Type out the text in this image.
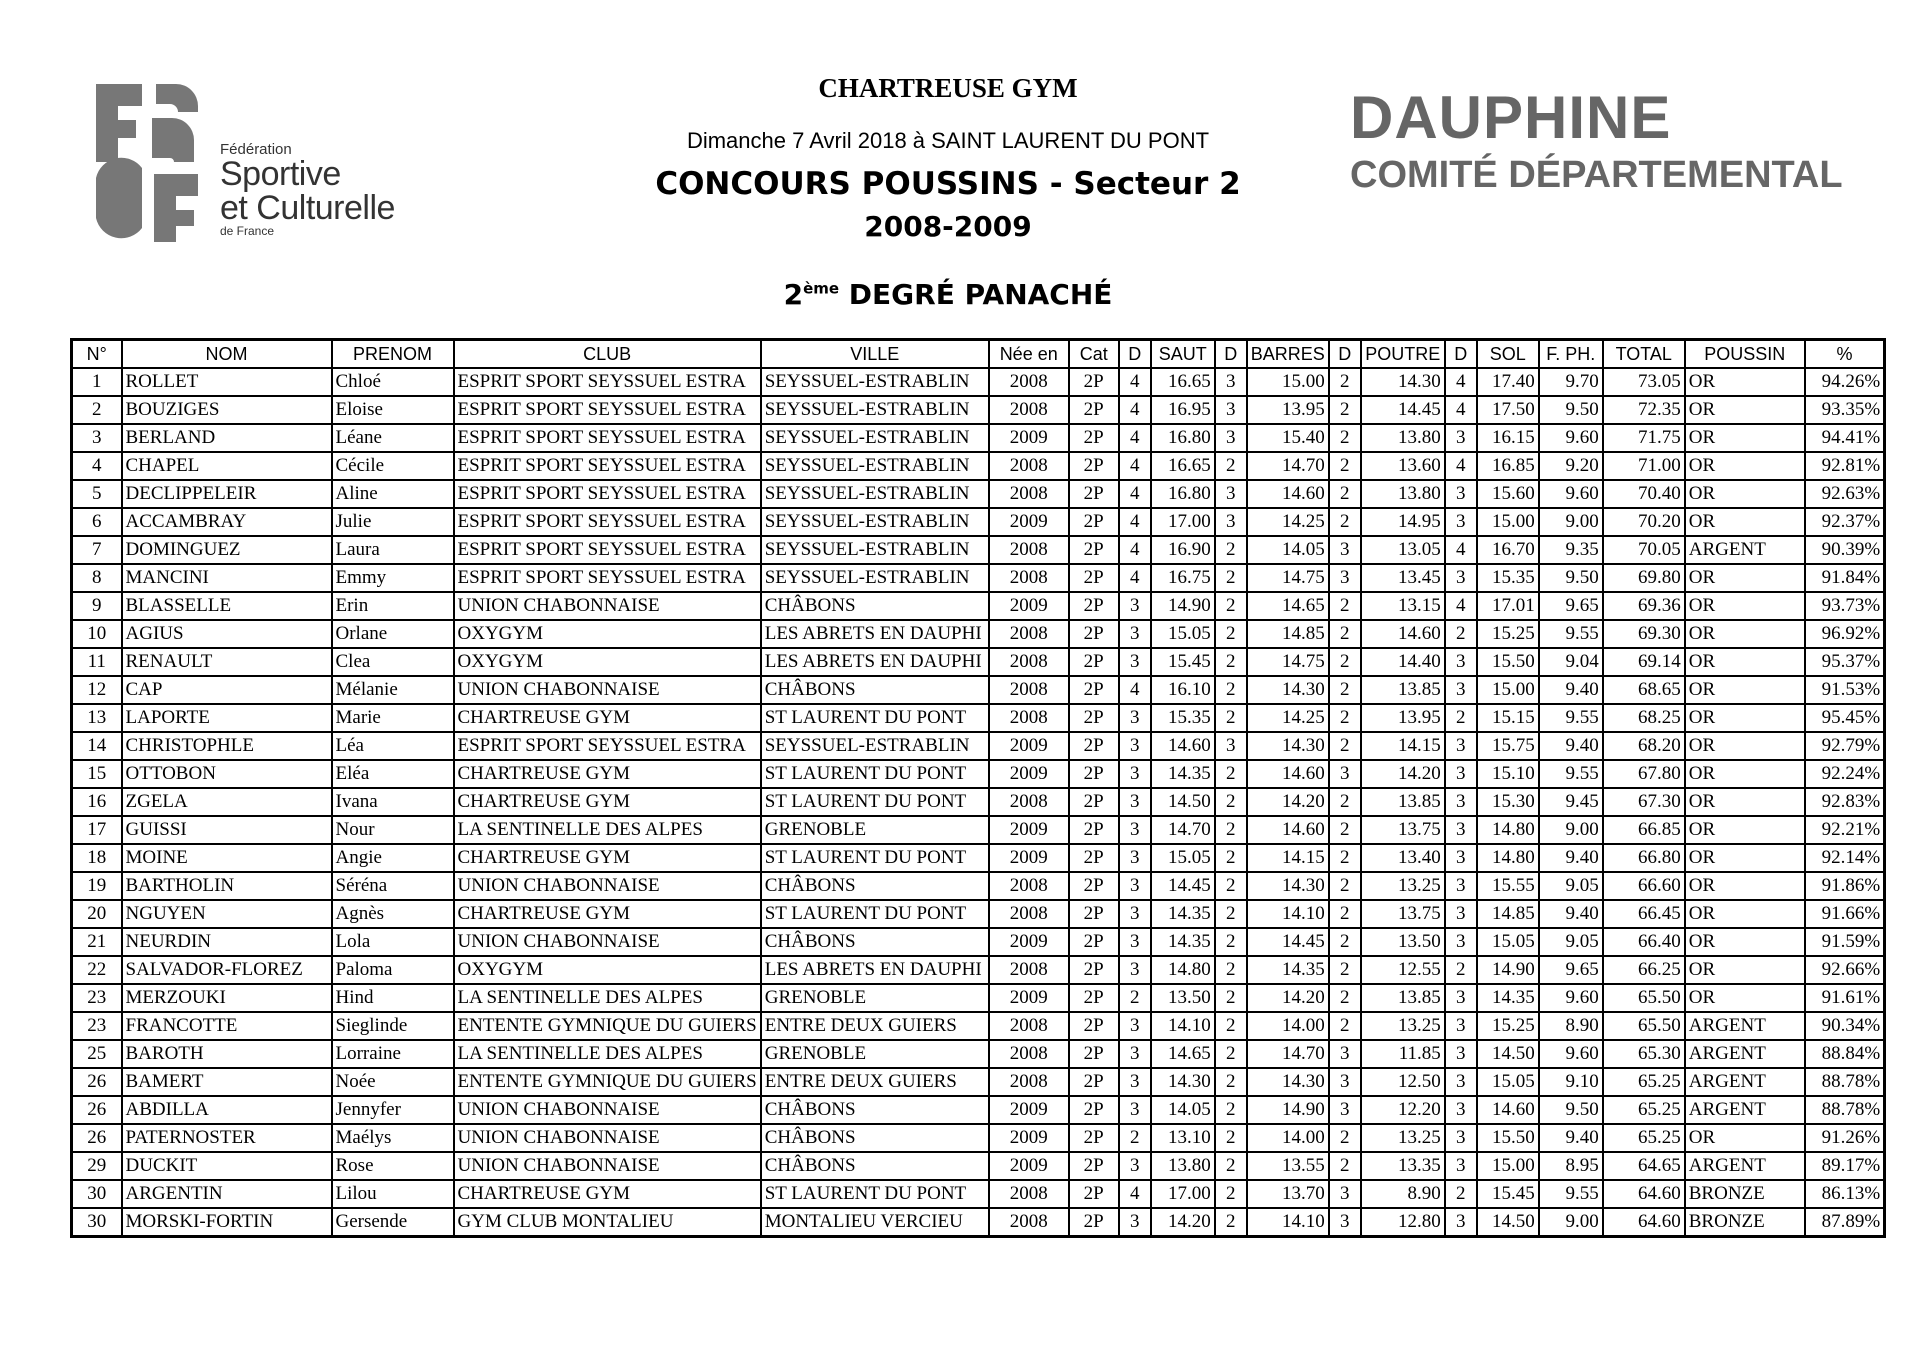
Fédération
Sportive
et Culturelle
de France
CHARTREUSE GYM
Dimanche 7 Avril 2018 à SAINT LAURENT DU PONT
CONCOURS POUSSINS - Secteur 2
2008-2009
2ème DEGRÉ PANACHÉ
DAUPHINE
COMITÉ DÉPARTEMENTAL
N°	NOM	PRENOM	CLUB	VILLE	Née en	Cat	D	SAUT	D	BARRES	D	POUTRE	D	SOL	F. PH.	TOTAL	POUSSIN	%
1	ROLLET	Chloé	ESPRIT SPORT SEYSSUEL ESTRA	SEYSSUEL-ESTRABLIN	2008	2P	4	16.65	3	15.00	2	14.30	4	17.40	9.70	73.05	OR	94.26%
2	BOUZIGES	Eloise	ESPRIT SPORT SEYSSUEL ESTRA	SEYSSUEL-ESTRABLIN	2008	2P	4	16.95	3	13.95	2	14.45	4	17.50	9.50	72.35	OR	93.35%
3	BERLAND	Léane	ESPRIT SPORT SEYSSUEL ESTRA	SEYSSUEL-ESTRABLIN	2009	2P	4	16.80	3	15.40	2	13.80	3	16.15	9.60	71.75	OR	94.41%
4	CHAPEL	Cécile	ESPRIT SPORT SEYSSUEL ESTRA	SEYSSUEL-ESTRABLIN	2008	2P	4	16.65	2	14.70	2	13.60	4	16.85	9.20	71.00	OR	92.81%
5	DECLIPPELEIR	Aline	ESPRIT SPORT SEYSSUEL ESTRA	SEYSSUEL-ESTRABLIN	2008	2P	4	16.80	3	14.60	2	13.80	3	15.60	9.60	70.40	OR	92.63%
6	ACCAMBRAY	Julie	ESPRIT SPORT SEYSSUEL ESTRA	SEYSSUEL-ESTRABLIN	2009	2P	4	17.00	3	14.25	2	14.95	3	15.00	9.00	70.20	OR	92.37%
7	DOMINGUEZ	Laura	ESPRIT SPORT SEYSSUEL ESTRA	SEYSSUEL-ESTRABLIN	2008	2P	4	16.90	2	14.05	3	13.05	4	16.70	9.35	70.05	ARGENT	90.39%
8	MANCINI	Emmy	ESPRIT SPORT SEYSSUEL ESTRA	SEYSSUEL-ESTRABLIN	2008	2P	4	16.75	2	14.75	3	13.45	3	15.35	9.50	69.80	OR	91.84%
9	BLASSELLE	Erin	UNION CHABONNAISE	CHÂBONS	2009	2P	3	14.90	2	14.65	2	13.15	4	17.01	9.65	69.36	OR	93.73%
10	AGIUS	Orlane	OXYGYM	LES ABRETS EN DAUPHI	2008	2P	3	15.05	2	14.85	2	14.60	2	15.25	9.55	69.30	OR	96.92%
11	RENAULT	Clea	OXYGYM	LES ABRETS EN DAUPHI	2008	2P	3	15.45	2	14.75	2	14.40	3	15.50	9.04	69.14	OR	95.37%
12	CAP	Mélanie	UNION CHABONNAISE	CHÂBONS	2008	2P	4	16.10	2	14.30	2	13.85	3	15.00	9.40	68.65	OR	91.53%
13	LAPORTE	Marie	CHARTREUSE GYM	ST LAURENT DU PONT	2008	2P	3	15.35	2	14.25	2	13.95	2	15.15	9.55	68.25	OR	95.45%
14	CHRISTOPHLE	Léa	ESPRIT SPORT SEYSSUEL ESTRA	SEYSSUEL-ESTRABLIN	2009	2P	3	14.60	3	14.30	2	14.15	3	15.75	9.40	68.20	OR	92.79%
15	OTTOBON	Eléa	CHARTREUSE GYM	ST LAURENT DU PONT	2009	2P	3	14.35	2	14.60	3	14.20	3	15.10	9.55	67.80	OR	92.24%
16	ZGELA	Ivana	CHARTREUSE GYM	ST LAURENT DU PONT	2008	2P	3	14.50	2	14.20	2	13.85	3	15.30	9.45	67.30	OR	92.83%
17	GUISSI	Nour	LA SENTINELLE DES ALPES	GRENOBLE	2009	2P	3	14.70	2	14.60	2	13.75	3	14.80	9.00	66.85	OR	92.21%
18	MOINE	Angie	CHARTREUSE GYM	ST LAURENT DU PONT	2009	2P	3	15.05	2	14.15	2	13.40	3	14.80	9.40	66.80	OR	92.14%
19	BARTHOLIN	Séréna	UNION CHABONNAISE	CHÂBONS	2008	2P	3	14.45	2	14.30	2	13.25	3	15.55	9.05	66.60	OR	91.86%
20	NGUYEN	Agnès	CHARTREUSE GYM	ST LAURENT DU PONT	2008	2P	3	14.35	2	14.10	2	13.75	3	14.85	9.40	66.45	OR	91.66%
21	NEURDIN	Lola	UNION CHABONNAISE	CHÂBONS	2009	2P	3	14.35	2	14.45	2	13.50	3	15.05	9.05	66.40	OR	91.59%
22	SALVADOR-FLOREZ	Paloma	OXYGYM	LES ABRETS EN DAUPHI	2008	2P	3	14.80	2	14.35	2	12.55	2	14.90	9.65	66.25	OR	92.66%
23	MERZOUKI	Hind	LA SENTINELLE DES ALPES	GRENOBLE	2009	2P	2	13.50	2	14.20	2	13.85	3	14.35	9.60	65.50	OR	91.61%
23	FRANCOTTE	Sieglinde	ENTENTE GYMNIQUE DU GUIERS	ENTRE DEUX GUIERS	2008	2P	3	14.10	2	14.00	2	13.25	3	15.25	8.90	65.50	ARGENT	90.34%
25	BAROTH	Lorraine	LA SENTINELLE DES ALPES	GRENOBLE	2008	2P	3	14.65	2	14.70	3	11.85	3	14.50	9.60	65.30	ARGENT	88.84%
26	BAMERT	Noée	ENTENTE GYMNIQUE DU GUIERS	ENTRE DEUX GUIERS	2008	2P	3	14.30	2	14.30	3	12.50	3	15.05	9.10	65.25	ARGENT	88.78%
26	ABDILLA	Jennyfer	UNION CHABONNAISE	CHÂBONS	2009	2P	3	14.05	2	14.90	3	12.20	3	14.60	9.50	65.25	ARGENT	88.78%
26	PATERNOSTER	Maélys	UNION CHABONNAISE	CHÂBONS	2009	2P	2	13.10	2	14.00	2	13.25	3	15.50	9.40	65.25	OR	91.26%
29	DUCKIT	Rose	UNION CHABONNAISE	CHÂBONS	2009	2P	3	13.80	2	13.55	2	13.35	3	15.00	8.95	64.65	ARGENT	89.17%
30	ARGENTIN	Lilou	CHARTREUSE GYM	ST LAURENT DU PONT	2008	2P	4	17.00	2	13.70	3	8.90	2	15.45	9.55	64.60	BRONZE	86.13%
30	MORSKI-FORTIN	Gersende	GYM CLUB MONTALIEU	MONTALIEU VERCIEU	2008	2P	3	14.20	2	14.10	3	12.80	3	14.50	9.00	64.60	BRONZE	87.89%
